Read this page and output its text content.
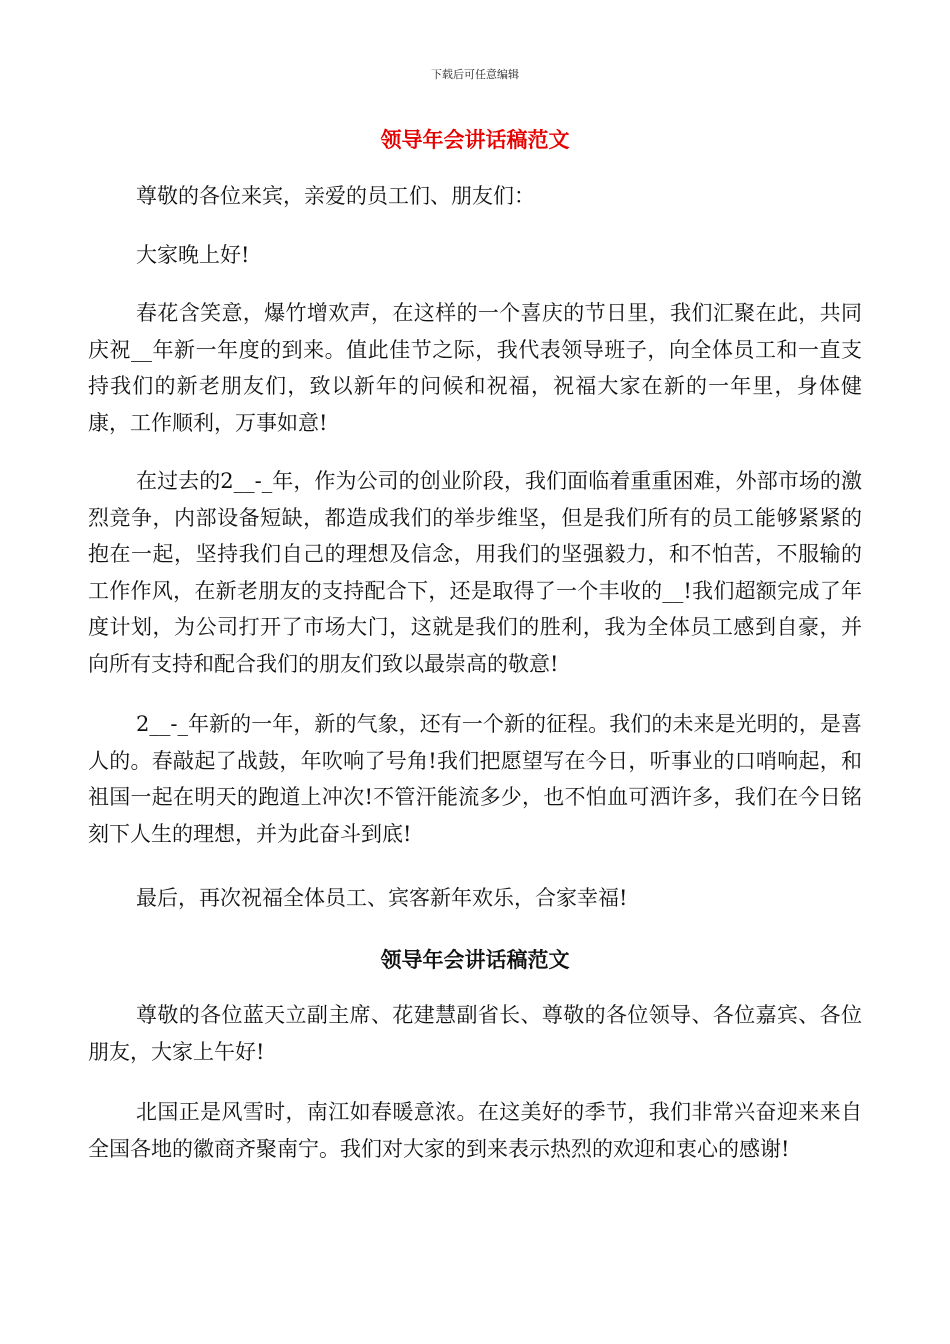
下载后可任意编辑
领导年会讲话稿范文

尊敬的各位来宾，亲爱的员工们、朋友们：

大家晚上好!

春花含笑意，爆竹增欢声，在这样的一个喜庆的节日里，我们汇聚在此，共同庆祝__年新一年度的到来。值此佳节之际，我代表领导班子，向全体员工和一直支持我们的新老朋友们，致以新年的问候和祝福，祝福大家在新的一年里，身体健康，工作顺利，万事如意!

在过去的2__-_年，作为公司的创业阶段，我们面临着重重困难，外部市场的激烈竞争，内部设备短缺，都造成我们的举步维坚，但是我们所有的员工能够紧紧的抱在一起，坚持我们自己的理想及信念，用我们的坚强毅力，和不怕苦，不服输的工作作风，在新老朋友的支持配合下，还是取得了一个丰收的__!我们超额完成了年度计划，为公司打开了市场大门，这就是我们的胜利，我为全体员工感到自豪，并向所有支持和配合我们的朋友们致以最崇高的敬意!

2__-_年新的一年，新的气象，还有一个新的征程。我们的未来是光明的，是喜人的。春敲起了战鼓，年吹响了号角!我们把愿望写在今日，听事业的口哨响起，和祖国一起在明天的跑道上冲次!不管汗能流多少，也不怕血可洒许多，我们在今日铭刻下人生的理想，并为此奋斗到底!

最后，再次祝福全体员工、宾客新年欢乐，合家幸福!

领导年会讲话稿范文

尊敬的各位蓝天立副主席、花建慧副省长、尊敬的各位领导、各位嘉宾、各位朋友，大家上午好!

北国正是风雪时，南江如春暖意浓。在这美好的季节，我们非常兴奋迎来来自全国各地的徽商齐聚南宁。我们对大家的到来表示热烈的欢迎和衷心的感谢!
